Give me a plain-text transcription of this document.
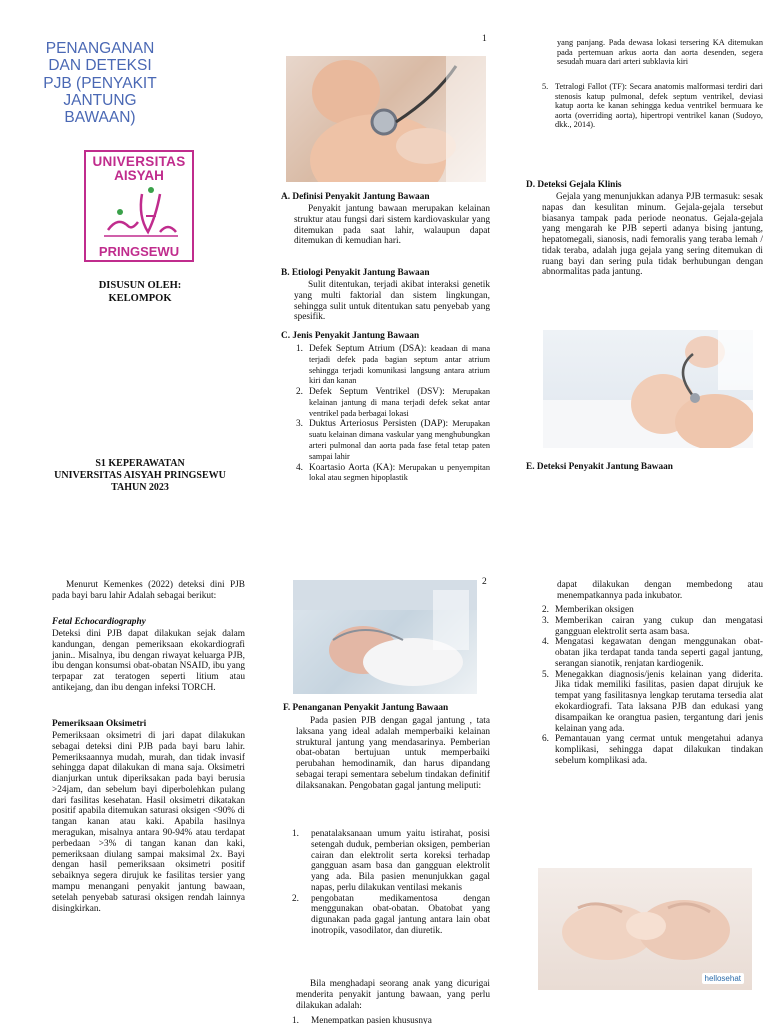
1
PENANGANAN DAN DETEKSI PJB (PENYAKIT JANTUNG BAWAAN)
UNIVERSITAS
AISYAH
PRINGSEWU
DISUSUN OLEH:
KELOMPOK
S1 KEPERAWATAN
UNIVERSITAS AISYAH PRINGSEWU
TAHUN 2023
A. Definisi Penyakit Jantung Bawaan
Penyakit jantung bawaan merupakan kelainan struktur atau fungsi dari sistem kardiovaskular yang ditemukan pada saat lahir, walaupun dapat ditemukan di kemudian hari.
B. Etiologi Penyakit Jantung Bawaan
Sulit ditentukan, terjadi akibat interaksi genetik yang multi faktorial dan sistem lingkungan, sehingga sulit untuk ditentukan satu penyebab yang spesifik.
C. Jenis Penyakit Jantung Bawaan
1. Defek Septum Atrium (DSA): keadaan di mana terjadi defek pada bagian septum antar atrium sehingga terjadi komunikasi langsung antara atrium kiri dan kanan
2. Defek Septum Ventrikel (DSV): Merupakan kelainan jantung di mana terjadi defek sekat antar ventrikel pada berbagai lokasi
3. Duktus Arteriosus Persisten (DAP): Merupakan suatu kelainan dimana vaskular yang menghubungkan arteri pulmonal dan aorta pada fase fetal tetap paten sampai lahir
4. Koartasio Aorta (KA): Merupakan u penyempitan lokal atau segmen hipoplastik
yang panjang. Pada dewasa lokasi tersering KA ditemukan pada pertemuan arkus aorta dan aorta desenden, segera sesudah muara dari arteri subklavia kiri
5. Tetralogi Fallot (TF): Secara anatomis malformasi terdiri dari stenosis katup pulmonal, defek septum ventrikel, deviasi katup aorta ke kanan sehingga kedua ventrikel bermuara ke aorta (overriding aorta), hipertropi ventrikel kanan (Sudoyo, dkk., 2014).
D. Deteksi Gejala Klinis
Gejala yang menunjukkan adanya PJB termasuk: sesak napas dan kesulitan minum. Gejala-gejala tersebut biasanya tampak pada periode neonatus. Gejala-gejala yang mengarah ke PJB seperti adanya bising jantung, hepatomegali, sianosis, nadi femoralis yang teraba lemah / tidak teraba, adalah juga gejala yang sering ditemukan di ruang bayi dan sering pula tidak berhubungan dengan abnormalitas pada jantung.
E. Deteksi Penyakit Jantung Bawaan
2
Menurut Kemenkes (2022) deteksi dini PJB pada bayi baru lahir Adalah sebagai berikut:
Fetal Echocardiography
Deteksi dini PJB dapat dilakukan sejak dalam kandungan, dengan pemeriksaan ekokardiografi janin.. Misalnya, ibu dengan riwayat keluarga PJB, ibu dengan konsumsi obat-obatan NSAID, ibu yang terpapar zat teratogen seperti litium atau antikejang, dan ibu dengan infeksi TORCH.
Pemeriksaan Oksimetri
Pemeriksaan oksimetri di jari dapat dilakukan sebagai deteksi dini PJB pada bayi baru lahir. Pemeriksaannya mudah, murah, dan tidak invasif sehingga dapat dilakukan di mana saja. Oksimetri dianjurkan untuk diperiksakan pada bayi berusia >24jam, dan sebelum bayi diperbolehkan pulang dari fasilitas kesehatan. Hasil oksimetri dikatakan positif apabila ditemukan saturasi oksigen <90% di tangan kanan atau kaki. Apabila hasilnya meragukan, misalnya antara 90-94% atau terdapat perbedaan >3% di tangan kanan dan kaki, pemeriksaan diulang sampai maksimal 2x. Bayi dengan hasil pemeriksaan oksimetri positif sebaiknya segera dirujuk ke fasilitas tersier yang mampu menangani penyakit jantung bawaan, setelah penyebab saturasi oksigen rendah lainnya disingkirkan.
F. Penanganan Penyakit Jantung Bawaan
Pada pasien PJB dengan gagal jantung , tata laksana yang ideal adalah memperbaiki kelainan struktural jantung yang mendasarinya. Pemberian obat-obatan bertujuan untuk memperbaiki perubahan hemodinamik, dan harus dipandang sebagai terapi sementara sebelum tindakan definitif dilaksanakan. Pengobatan gagal jantung meliputi:
1. penatalaksanaan umum yaitu istirahat, posisi setengah duduk, pemberian oksigen, pemberian cairan dan elektrolit serta koreksi terhadap gangguan asam basa dan gangguan elektrolit yang ada. Bila pasien menunjukkan gagal napas, perlu dilakukan ventilasi mekanis
2. pengobatan medikamentosa dengan menggunakan obat-obatan. Obatobat yang digunakan pada gagal jantung antara lain obat inotropik, vasodilator, dan diuretik.
Bila menghadapi seorang anak yang dicurigai menderita penyakit jantung bawaan, yang perlu dilakukan adalah:
1. Menempatkan pasien khususnya
dapat dilakukan dengan membedong atau menempatkannya pada inkubator.
2. Memberikan oksigen
3. Memberikan cairan yang cukup dan mengatasi gangguan elektrolit serta asam basa.
4. Mengatasi kegawatan dengan menggunakan obat-obatan jika terdapat tanda tanda seperti gagal jantung, serangan sianotik, renjatan kardiogenik.
5. Menegakkan diagnosis/jenis kelainan yang diderita. Jika tidak memiliki fasilitas, pasien dapat dirujuk ke tempat yang fasilitasnya lengkap terutama tersedia alat ekokardiografi. Tata laksana PJB dan edukasi yang disampaikan ke orangtua pasien, tergantung dari jenis kelainan yang ada.
6. Pemantauan yang cermat untuk mengetahui adanya komplikasi, sehingga dapat dilakukan tindakan sebelum komplikasi ada.
hellosehat
